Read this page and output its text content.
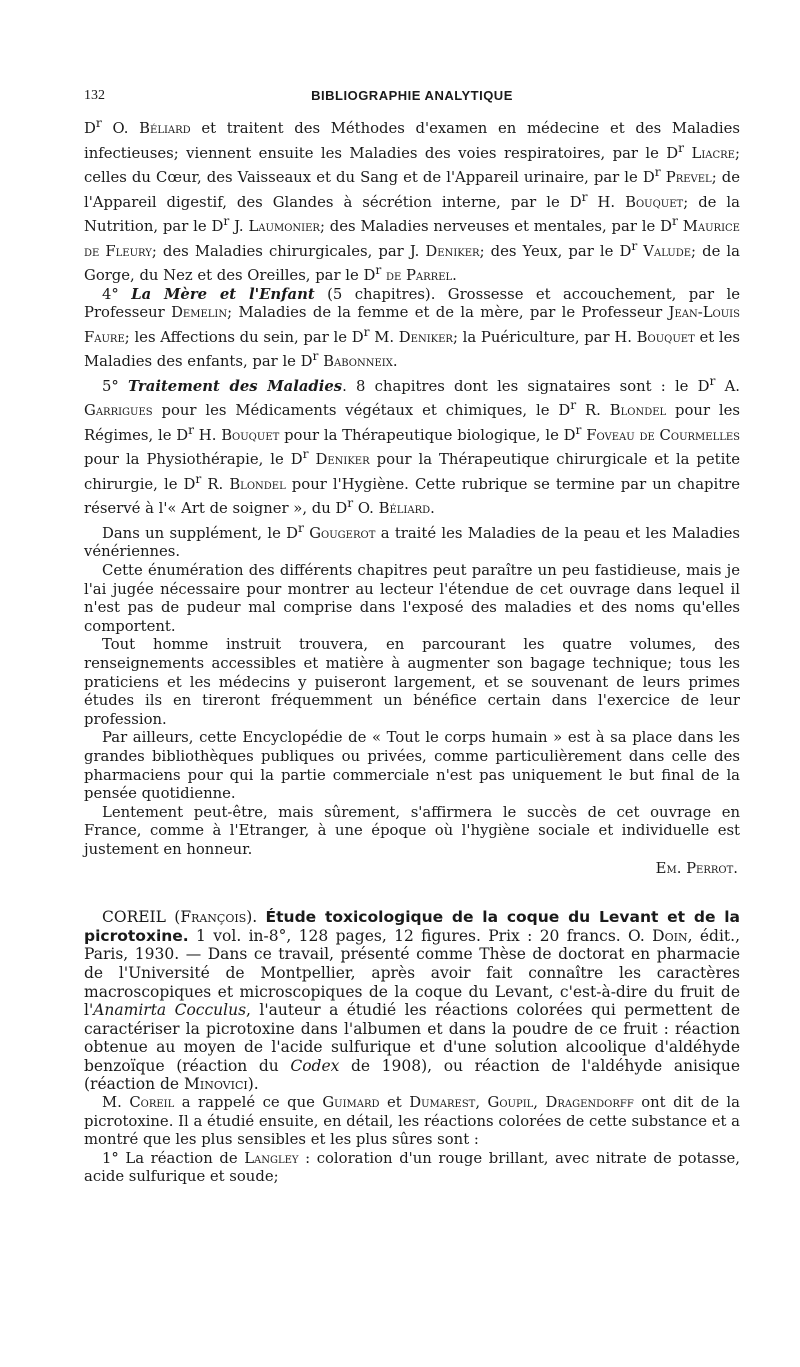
132	BIBLIOGRAPHIE ANALYTIQUE

$D^r$ O. Béliard et traitent des Méthodes d'examen en médecine et des Maladies infectieuses; viennent ensuite les Maladies des voies respiratoires, par le $D^r$ Liacre; celles du Cœur, des Vaisseaux et du Sang et de l'Appareil urinaire, par le $D^r$ Prevel; de l'Appareil digestif, des Glandes à sécrétion interne, par le $D^r$ H. Bouquet; de la Nutrition, par le $D^r$ J. Laumonier; des Maladies nerveuses et mentales, par le $D^r$ Maurice de Fleury; des Maladies chirurgicales, par J. Deniker; des Yeux, par le $D^r$ Valude; de la Gorge, du Nez et des Oreilles, par le $D^r$ de Parrel.

4° La Mère et l'Enfant (5 chapitres). Grossesse et accouchement, par le Professeur Demelin; Maladies de la femme et de la mère, par le Professeur Jean-Louis Faure; les Affections du sein, par le $D^r$ M. Deniker; la Puériculture, par H. Bouquet et les Maladies des enfants, par le $D^r$ Babonneix.

5° Traitement des Maladies. 8 chapitres dont les signataires sont : le $D^r$ A. Garrigues pour les Médicaments végétaux et chimiques, le $D^r$ R. Blondel pour les Régimes, le $D^r$ H. Bouquet pour la Thérapeutique biologique, le $D^r$ Foveau de Courmelles pour la Physiothérapie, le $D^r$ Deniker pour la Thérapeutique chirurgicale et la petite chirurgie, le $D^r$ R. Blondel pour l'Hygiène. Cette rubrique se termine par un chapitre réservé à l'« Art de soigner », du $D^r$ O. Béliard.

Dans un supplément, le $D^r$ Gougerot a traité les Maladies de la peau et les Maladies vénériennes.

Cette énumération des différents chapitres peut paraître un peu fastidieuse, mais je l'ai jugée nécessaire pour montrer au lecteur l'étendue de cet ouvrage dans lequel il n'est pas de pudeur mal comprise dans l'exposé des maladies et des noms qu'elles comportent.

Tout homme instruit trouvera, en parcourant les quatre volumes, des renseignements accessibles et matière à augmenter son bagage technique; tous les praticiens et les médecins y puiseront largement, et se souvenant de leurs primes études ils en tireront fréquemment un bénéfice certain dans l'exercice de leur profession.

Par ailleurs, cette Encyclopédie de « Tout le corps humain » est à sa place dans les grandes bibliothèques publiques ou privées, comme particulièrement dans celle des pharmaciens pour qui la partie commerciale n'est pas uniquement le but final de la pensée quotidienne.

Lentement peut-être, mais sûrement, s'affirmera le succès de cet ouvrage en France, comme à l'Etranger, à une époque où l'hygiène sociale et individuelle est justement en honneur.

Em. Perrot.

COREIL (François). Étude toxicologique de la coque du Levant et de la picrotoxine. 1 vol. in-8°, 128 pages, 12 figures. Prix : 20 francs. O. Doin, édit., Paris, 1930. — Dans ce travail, présenté comme Thèse de doctorat en pharmacie de l'Université de Montpellier, après avoir fait connaître les caractères macroscopiques et microscopiques de la coque du Levant, c'est-à-dire du fruit de l'Anamirta Cocculus, l'auteur a étudié les réactions colorées qui permettent de caractériser la picrotoxine dans l'albumen et dans la poudre de ce fruit : réaction obtenue au moyen de l'acide sulfurique et d'une solution alcoolique d'aldéhyde benzoïque (réaction du Codex de 1908), ou réaction de l'aldéhyde anisique (réaction de Minovici).

M. Coreil a rappelé ce que Guimard et Dumarest, Goupil, Dragendorff ont dit de la picrotoxine. Il a étudié ensuite, en détail, les réactions colorées de cette substance et a montré que les plus sensibles et les plus sûres sont :

1° La réaction de Langley : coloration d'un rouge brillant, avec nitrate de potasse, acide sulfurique et soude;
